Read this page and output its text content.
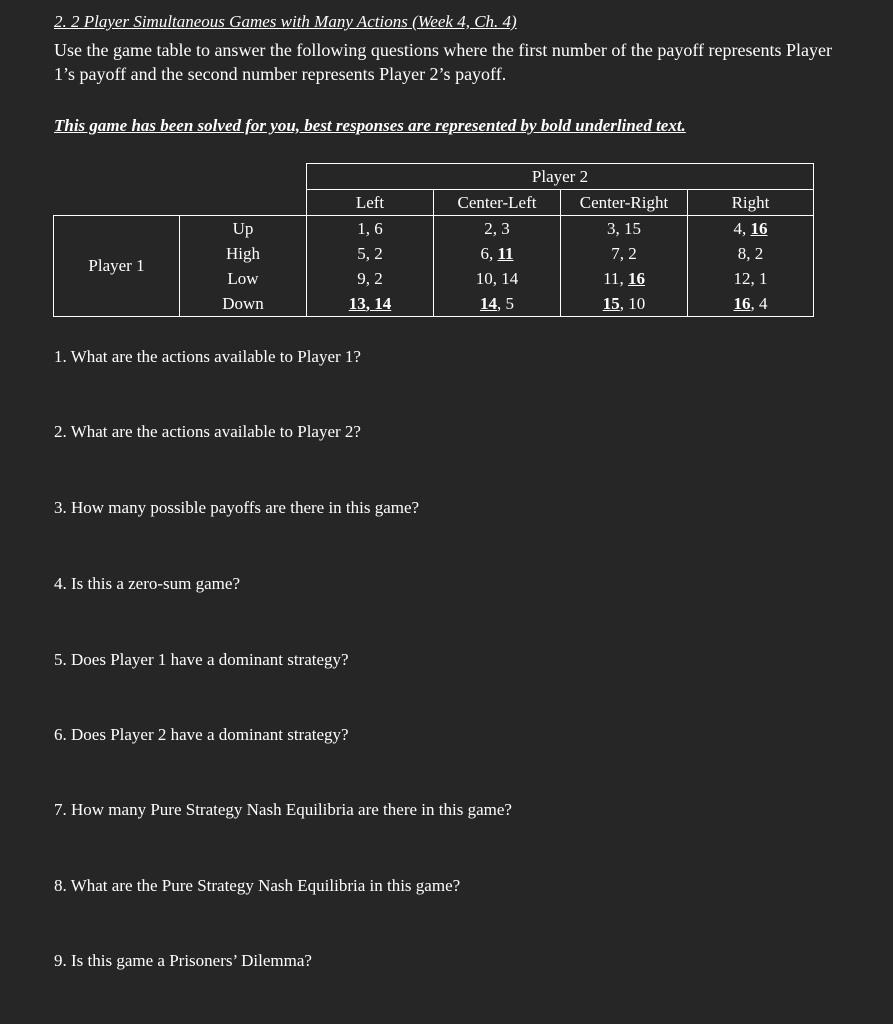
2. 2 Player Simultaneous Games with Many Actions (Week 4, Ch. 4)
Use the game table to answer the following questions where the first number of the payoff represents Player 1’s payoff and the second number represents Player 2’s payoff.
This game has been solved for you, best responses are represented by bold underlined text.
		Player 2			
		Left	Center-Left	Center-Right	Right
Player 1	Up	1, 6	2, 3	3, 15	4, 16
	High	5, 2	6, 11	7, 2	8, 2
	Low	9, 2	10, 14	11, 16	12, 1
	Down	13, 14	14, 5	15, 10	16, 4
1. What are the actions available to Player 1?
2. What are the actions available to Player 2?
3. How many possible payoffs are there in this game?
4. Is this a zero-sum game?
5. Does Player 1 have a dominant strategy?
6. Does Player 2 have a dominant strategy?
7. How many Pure Strategy Nash Equilibria are there in this game?
8. What are the Pure Strategy Nash Equilibria in this game?
9. Is this game a Prisoners’ Dilemma?
